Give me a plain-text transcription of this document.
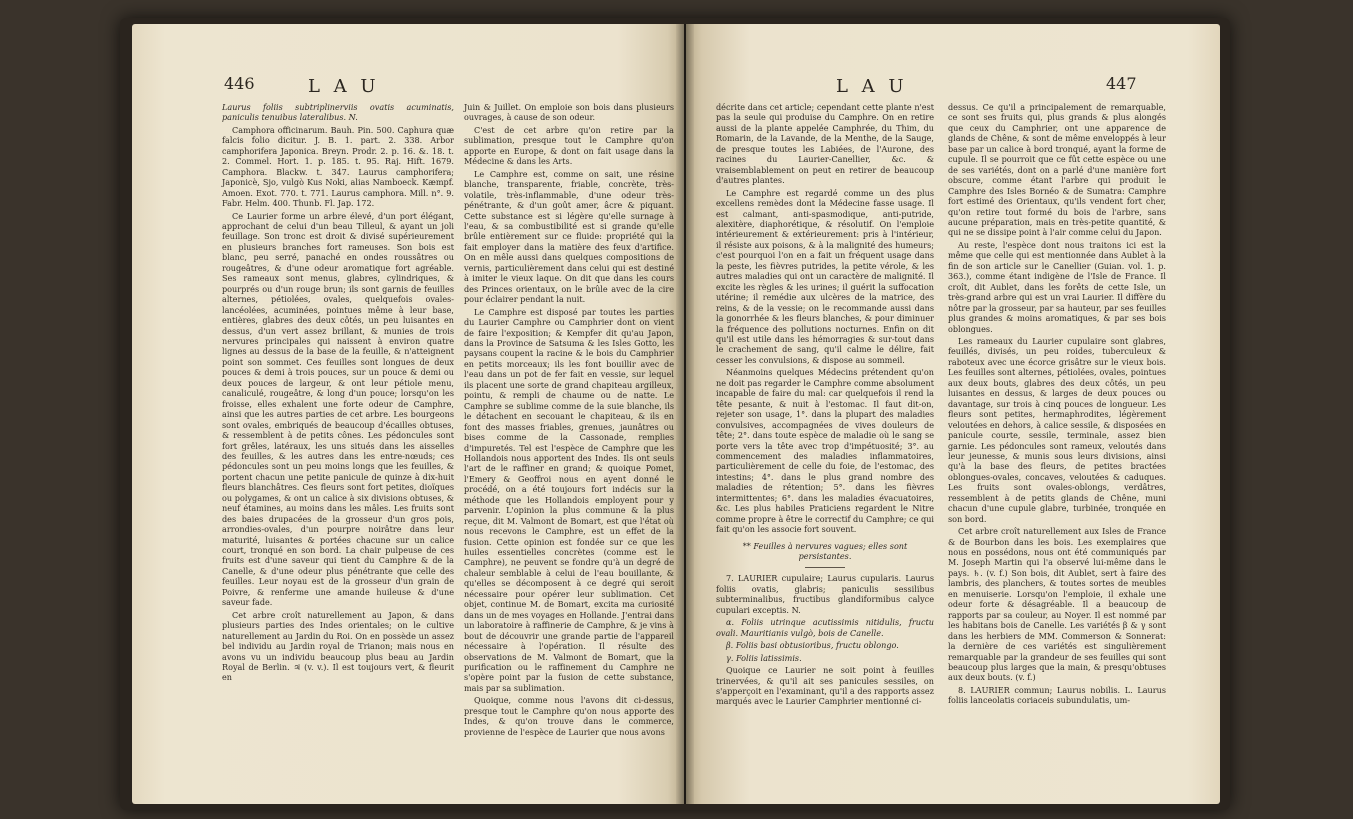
446	L A U

Laurus foliis subtriplinerviis ovatis acuminatis, paniculis tenuibus lateralibus. N.

Camphora officinarum. Bauh. Pin. 500. Caphura quæ falcis folio dicitur. J. B. 1. part. 2. 338. Arbor camphorifera Japonica. Breyn. Prodr. 2. p. 16. &. 18. t. 2. Commel. Hort. 1. p. 185. t. 95. Raj. Hift. 1679. Camphora. Blackw. t. 347. Laurus camphorifera; Japonicè, Sjo, vulgò Kus Noki, alias Namboeck. Kæmpf. Amoen. Exot. 770. t. 771. Laurus camphora. Mill. n°. 9. Fabr. Helm. 400. Thunb. Fl. Jap. 172.

Ce Laurier forme un arbre élevé, d'un port élégant, approchant de celui d'un beau Tilleul, & ayant un joli feuillage. Son tronc est droit & divisé supérieurement en plusieurs branches fort rameuses. Son bois est blanc, peu serré, panaché en ondes roussâtres ou rougeâtres, & d'une odeur aromatique fort agréable. Ses rameaux sont menus, glabres, cylindriques, & pourprés ou d'un rouge brun; ils sont garnis de feuilles alternes, pétiolées, ovales, quelquefois ovales-lancéolées, acuminées, pointues même à leur base, entières, glabres des deux côtés, un peu luisantes en dessus, d'un vert assez brillant, & munies de trois nervures principales qui naissent à environ quatre lignes au dessus de la base de la feuille, & n'atteignent point son sommet. Ces feuilles sont longues de deux pouces & demi à trois pouces, sur un pouce & demi ou deux pouces de largeur, & ont leur pétiole menu, canaliculé, rougeâtre, & long d'un pouce; lorsqu'on les froisse, elles exhalent une forte odeur de Camphre, ainsi que les autres parties de cet arbre. Les bourgeons sont ovales, embriqués de beaucoup d'écailles obtuses, & ressemblent à de petits cônes. Les pédoncules sont fort grêles, latéraux, les uns situés dans les aisselles des feuilles, & les autres dans les entre-nœuds; ces pédoncules sont un peu moins longs que les feuilles, & portent chacun une petite panicule de quinze à dix-huit fleurs blanchâtres. Ces fleurs sont fort petites, dioïques ou polygames, & ont un calice à six divisions obtuses, & neuf étamines, au moins dans les mâles. Les fruits sont des baies drupacées de la grosseur d'un gros pois, arrondies-ovales, d'un pourpre noirâtre dans leur maturité, luisantes & portées chacune sur un calice court, tronqué en son bord. La chair pulpeuse de ces fruits est d'une saveur qui tient du Camphre & de la Canelle, & d'une odeur plus pénétrante que celle des feuilles. Leur noyau est de la grosseur d'un grain de Poivre, & renferme une amande huileuse & d'une saveur fade.

Cet arbre croît naturellement au Japon, & dans plusieurs parties des Indes orientales; on le cultive naturellement au Jardin du Roi. On en possède un assez bel individu au Jardin royal de Trianon; mais nous en avons vu un individu beaucoup plus beau au Jardin Royal de Berlin. ♃ (v. v.). Il est toujours vert, & fleurit en

Juin & Juillet. On emploie son bois dans plusieurs ouvrages, à cause de son odeur.

C'est de cet arbre qu'on retire par la sublimation, presque tout le Camphre qu'on apporte en Europe, & dont on fait usage dans la Médecine & dans les Arts.

Le Camphre est, comme on sait, une résine blanche, transparente, friable, concrète, très-volatile, très-inflammable, d'une odeur très-pénétrante, & d'un goût amer, âcre & piquant. Cette substance est si légère qu'elle surnage à l'eau, & sa combustibilité est si grande qu'elle brûle entièrement sur ce fluide: propriété qui la fait employer dans la matière des feux d'artifice. On en mêle aussi dans quelques compositions de vernis, particulièrement dans celui qui est destiné à imiter le vieux laque. On dit que dans les cours des Princes orientaux, on le brûle avec de la cire pour éclairer pendant la nuit.

Le Camphre est disposé par toutes les parties du Laurier Camphre ou Camphrier dont on vient de faire l'exposition; & Kempfer dit qu'au Japon, dans la Province de Satsuma & les Isles Gotto, les paysans coupent la racine & le bois du Camphrier en petits morceaux; ils les font bouillir avec de l'eau dans un pot de fer fait en vessie, sur lequel ils placent une sorte de grand chapiteau argilleux, pointu, & rempli de chaume ou de natte. Le Camphre se sublime comme de la suie blanche, ils le détachent en secouant le chapiteau, & ils en font des masses friables, grenues, jaunâtres ou bises comme de la Cassonade, remplies d'impuretés. Tel est l'espèce de Camphre que les Hollandois nous apportent des Indes. Ils ont seuls l'art de le raffiner en grand; & quoique Pomet, l'Emery & Geoffroi nous en ayent donné le procédé, on a été toujours fort indécis sur la méthode que les Hollandois employent pour y parvenir. L'opinion la plus commune & la plus reçue, dit M. Valmont de Bomart, est que l'état où nous recevons le Camphre, est un effet de la fusion. Cette opinion est fondée sur ce que les huiles essentielles concrètes (comme est le Camphre), ne peuvent se fondre qu'à un degré de chaleur semblable à celui de l'eau bouillante, & qu'elles se décomposent à ce degré qui seroit nécessaire pour opérer leur sublimation. Cet objet, continue M. de Bomart, excita ma curiosité dans un de mes voyages en Hollande. J'entrai dans un laboratoire à raffinerie de Camphre, & je vins à bout de découvrir une grande partie de l'appareil nécessaire à l'opération. Il résulte des observations de M. Valmont de Bomart, que la purification ou le raffinement du Camphre ne s'opère point par la fusion de cette substance, mais par sa sublimation.

Quoique, comme nous l'avons dit ci-dessus, presque tout le Camphre qu'on nous apporte des Indes, & qu'on trouve dans le commerce, provienne de l'espèce de Laurier que nous avons

L A U	447

décrite dans cet article; cependant cette plante n'est pas la seule qui produise du Camphre. On en retire aussi de la plante appelée Camphrée, du Thim, du Romarin, de la Lavande, de la Menthe, de la Sauge, de presque toutes les Labiées, de l'Aurone, des racines du Laurier-Canellier, &c. & vraisemblablement on peut en retirer de beaucoup d'autres plantes.

Le Camphre est regardé comme un des plus excellens remèdes dont la Médecine fasse usage. Il est calmant, anti-spasmodique, anti-putride, alexitère, diaphorétique, & résolutif. On l'emploie intérieurement & extérieurement: pris à l'intérieur, il résiste aux poisons, & à la malignité des humeurs; c'est pourquoi l'on en a fait un fréquent usage dans la peste, les fièvres putrides, la petite vérole, & les autres maladies qui ont un caractère de malignité. Il excite les règles & les urines; il guérit la suffocation utérine; il remédie aux ulcères de la matrice, des reins, & de la vessie; on le recommande aussi dans la gonorrhée & les fleurs blanches, & pour diminuer la fréquence des pollutions nocturnes. Enfin on dit qu'il est utile dans les hémorragies & sur-tout dans le crachement de sang, qu'il calme le délire, fait cesser les convulsions, & dispose au sommeil.

Néanmoins quelques Médecins prétendent qu'on ne doit pas regarder le Camphre comme absolument incapable de faire du mal: car quelquefois il rend la tête pesante, & nuit à l'estomac. Il faut dit-on, rejeter son usage, 1°. dans la plupart des maladies convulsives, accompagnées de vives douleurs de tête; 2°. dans toute espèce de maladie où le sang se porte vers la tête avec trop d'impétuosité; 3°. au commencement des maladies inflammatoires, particulièrement de celle du foie, de l'estomac, des intestins; 4°. dans le plus grand nombre des maladies de rétention; 5°. dans les fièvres intermittentes; 6°. dans les maladies évacuatoires, &c. Les plus habiles Praticiens regardent le Nitre comme propre à être le correctif du Camphre; ce qui fait qu'on les associe fort souvent.

** Feuilles à nervures vagues; elles sont persistantes.

7. LAURIER cupulaire; Laurus cupularis. Laurus foliis ovatis, glabris; paniculis sessilibus subterminalibus, fructibus glandiformibus calyce cupulari exceptis. N.

α. Foliis utrinque acutissimis nitidulis, fructu ovali. Mauritianis vulgò, bois de Canelle.

β. Foliis basi obtusioribus, fructu oblongo.

γ. Foliis latissimis.

Quoique ce Laurier ne soit point à feuilles trinervées, & qu'il ait ses panicules sessiles, on s'apperçoit en l'examinant, qu'il a des rapports assez marqués avec le Laurier Camphrier mentionné ci-

dessus. Ce qu'il a principalement de remarquable, ce sont ses fruits qui, plus grands & plus alongés que ceux du Camphrier, ont une apparence de glands de Chêne, & sont de même enveloppés à leur base par un calice à bord tronqué, ayant la forme de cupule. Il se pourroit que ce fût cette espèce ou une de ses variétés, dont on a parlé d'une manière fort obscure, comme étant l'arbre qui produit le Camphre des Isles Bornéo & de Sumatra: Camphre fort estimé des Orientaux, qu'ils vendent fort cher, qu'on retire tout formé du bois de l'arbre, sans aucune préparation, mais en très-petite quantité, & qui ne se dissipe point à l'air comme celui du Japon.

Au reste, l'espèce dont nous traitons ici est la même que celle qui est mentionnée dans Aublet à la fin de son article sur le Canellier (Guian. vol. 1. p. 363.), comme étant indigène de l'Isle de France. Il croît, dit Aublet, dans les forêts de cette Isle, un très-grand arbre qui est un vrai Laurier. Il diffère du nôtre par la grosseur, par sa hauteur, par ses feuilles plus grandes & moins aromatiques, & par ses bois oblongues.

Les rameaux du Laurier cupulaire sont glabres, feuillés, divisés, un peu roides, tuberculeux & raboteux avec une écorce grisâtre sur le vieux bois. Les feuilles sont alternes, pétiolées, ovales, pointues aux deux bouts, glabres des deux côtés, un peu luisantes en dessus, & larges de deux pouces ou davantage, sur trois à cinq pouces de longueur. Les fleurs sont petites, hermaphrodites, légèrement veloutées en dehors, à calice sessile, & disposées en panicule courte, sessile, terminale, assez bien garnie. Les pédoncules sont rameux, veloutés dans leur jeunesse, & munis sous leurs divisions, ainsi qu'à la base des fleurs, de petites bractées oblongues-ovales, concaves, veloutées & caduques. Les fruits sont ovales-oblongs, verdâtres, ressemblent à de petits glands de Chêne, muni chacun d'une cupule glabre, turbinée, tronquée en son bord.

Cet arbre croît naturellement aux Isles de France & de Bourbon dans les bois. Les exemplaires que nous en possédons, nous ont été communiqués par M. Joseph Martin qui l'a observé lui-même dans le pays. ♄. (v. f.) Son bois, dit Aublet, sert à faire des lambris, des planchers, & toutes sortes de meubles en menuiserie. Lorsqu'on l'emploie, il exhale une odeur forte & désagréable. Il a beaucoup de rapports par sa couleur, au Noyer. Il est nommé par les habitans bois de Canelle. Les variétés β & γ sont dans les herbiers de MM. Commerson & Sonnerat: la dernière de ces variétés est singulièrement remarquable par la grandeur de ses feuilles qui sont beaucoup plus larges que la main, & presqu'obtuses aux deux bouts. (v. f.)

8. LAURIER commun; Laurus nobilis. L. Laurus foliis lanceolatis coriaceis subundulatis, um-
